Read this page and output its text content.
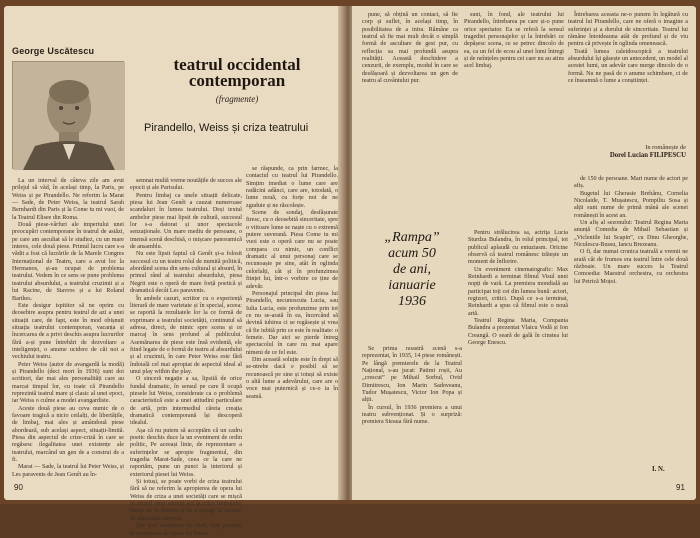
George Uscătescu
teatrul occidental
contemporan
(fragmente)
Pirandello, Weiss și criza teatrului

La un interval de câteva zile am avut prilejul să văd, în același timp, la Paris, pe Weiss și pe Pirandello. Ne referim la Marat — Sade, de Peter Weiss, la teatrul Sarah Bernhardt din Paris și la Come tu mi vuoi, de la Teatrul Elisee din Roma.

Două piese-vârfuri ale imperiului unei preocupări contemporane în teatrul de astăzi, pe care am ascultat să le studiez, cu un mare interes, cele două piese. Primul lucru care s-a vădit a fost că lucrările de la Marele Congres Internațional de Teatru, care a avut loc la Hermanos, și-au ocupat de problema teatrului. Vedem în ce sens se pune problema teatrului absurdului, a teatrului cruzimii și a lui Racine, de Stavros și a lui Roland Barthes.

Este desigur ispititor să ne oprim cu deosebire asupra pentru teatrul de azi a unei situații care, de fapt, este în mod obișnuit situația teatrului contemporan, vacanța și încercarea de a privi deschis asupra lucrurilor fără a-și pune întrebări de dezvoltare a inteligenței, o anume ucidere de căi noi a vechiului teatru.

Peter Weiss (autor de avangardă la modă) și Pirandello (deci mort în 1936) sunt doi scriitori, dar mai ales personalități care au marcat timpul lor, cu toate că Pirandello reprezintă teatrul mare și clasic al unei epoci, iar Weiss o culme a modei avangardiste.

Aceste două piese au ceva numic de o favoare tragică a nicio ceilalți, de libertățile, de limbaj, mai ales și amândouă piese abordează, sub același aspect, situații-limită. Piesa din aspectul de crize-criză în care se regăsesc ilegalitatea unei existențe ale teatrului, marcând un gen de a construi de a fi.

Marat — Sade, la teatrul lui Peter Weiss, și Les paravents de Jean Genêt au în-

semnat multă vreme noutățile de succes ale epocii și ale Parisului.

Pentru limbaj ca unele situații delicate, piesa lui Jean Genêt a cauzat numeroase scandaluri în lumea teatrului. Deși textul ambelor piese mai lipsit de cultură, succesul lor s-a datorat și unor spectacole senzaționale. Un mare mediu de persoane, o imensă scenă deschisă, o mișcare panoramică de ansamblu.

Nu este lipsit faptul că Genêt și-a folosit succesul cu un teatru rolul de numită politică, abordând scena din sens cultural și absurd, în primul rând al teatrului absurdului, piesa Negrii este o operă de mare forță poetică și dramatică decât Les paravents.

În ambele cazuri, scriitor cu o experiență literară de mare varietate și în special, aceea: se raportă la rezultatele lor la ce formă de exprimare a teatrului societății, continutul să adresa, direct, de nimic spre scena și ce marcaj în sens profund al publicului. Asemănarea de piese este însă evidentă, ele fiind legate de o formă de teatru al absurdului și al cruzimii, în care Peter Weiss este fără îndoială cel mai apropiat de aspectul ideal al unui play within the play.

O sinceră negație a sa, lipsită de orice fundal dramatic, în sensul pe care îl ocupă piesele lui Weiss, considerate ca o problemă caracteristică este a unei atitudini particulare de artă, prin intermediul căreia creația dramatică contemporană își descoperă idealul.

Așa că nu putem să acceptăm că un cadru poetic deschis duce la un eveniment de ordin politic, Pe aceeași linie, de reprezentare a suferințelor se apropie fragmentul, din tragedia Marat-Sade, ceea ce la care ne raportăm, pune un punct la interiorul și exteriorul piesei lui Weiss.

Și totuși, se poate vorbi de criza teatrului fără să ne referim la apropierea de opera lui Weiss de criza a unei societăți care se mișcă în sensul unui anumit act la criza limbajului însuși de la fluența și de a ajunge la moduri de adevărată meserie.

Dar acel sentiment de criză, care privește la apropierea de opera lui Weiss

se răspunde, ca prin farmec, la contactul cu teatrul lui Pirandello. Simțim imediat o lume care are radăcini adânci, care are, totodată, o lume nouă, cu forțe noi de ne zguduie și ne răscolește.

Scene de sondaj, desfășurate firesc, cu o deosebită sinceritate, spre o viitoare lume se naște cu o extremă putere suverană. Piesa Come tu mi vuoi este o operă care nu se poate compara cu nimic, un conflict dramatic al unui personaj care se recunoaște pe sine, atât în oglinda celorlalți, cât și în profunzimea ființei lui, într-o vorbire ce ține de adevăr.

Personajul principal din piesa lui Pirandello, necunoscuta Lucia, sau Iulia Lucia, este profunzime prin tot ce nu se-arată în ea, încercând să devină iubirea ci se regăsește și vrea că fie iubită prin ce este în realitate: o femeie. Dar aici se pierde întreg spectacolul în care nu mai apare nimeni de ce fel este.

Din această soluție este în drept să se-ntrebe dacă e posibil să se recunoască pe sine și totuși să existe o altă lume a adevărului, care are o voce mai puternică și ce-o ia în seamă.

90

pune, să obțină un contact, să fie corp și suflet, în același timp, în posibilitatea de a intra. Rămâne ca teatrul să fie mai mult decât o simplă formă de ascultare de gest pur, cu reflecția sa mai profundă asupra realității. Această deschidere a cenzurii, de exemplu, modul în care se desfășoară și dezvoltarea un gen de teatru al cuvântului pur.

sunt, în fond, ale teatrului lui Pirandello, întrebarea pe care și-o pune orice spectator. Ea se referă la sensul tragediei personajelor și la întrebări ce depășesc scena, ce se petrec dincolo de ea, ca un fel de ecou al unei lumi întregi și de neînțeles pentru cei care nu au atins acel limbaj.

Întrebarea aceasta ne-o punem în legătură cu teatrul lui Pirandello, care ne oferă o imagine a suferinței și a dorului de sinceritate. Teatrul lui rămâne întotdeauna atât de profund și de viu pentru că privește în oglinda omenească.

Toată lumea caleidoscopică a teatrului absurdului își găsește un antecedent, un model al acestei lumi, un adevăr care merge dincolo de o formă. Nu ne pasă de o anume schimbare, ci de ce înseamnă o lume a conștiinței.

In românește de
Dorel Lucian FILIPESCU
„Rampa”
acum 50
de ani,
ianuarie
1936

Se prima noastră scenă s-a reprezentat, în 1935, 14 piese românești. Pe lângă premierele de la Teatrul Național, s-au jucat: Patimi roșii, Au „crescut” pe Mihail Sorbul, Ovid Dimitrescu, Ion Marin Sadoveanu, Tudor Mușatescu, Victor Ion Popa și alții.

În cursul, în 1936 premiera a unui teatru subvenționat. Și o surpriză: premiera Steaua fără nume.

Pentru strălucirea sa, actrița Lucia Sturdza Bulandra, în rolul principal, tot publicul aplaudă cu entuziasm. Oricine observă că teatrul românesc trăiește un moment de înflorire.

Un eveniment cinematografic: Max Reinhardt a terminat filmul Visul unei nopți de vară. La premiera mondială au participat toți cei din lumea bună: actori, regizori, critici. După ce s-a terminat, Reinhardt a spus că filmul este o nouă artă.

Teatrul Regina Maria, Compania Bulandra a prezentat Vlaicu Vodă și Ion Creangă. O seară de gală în cinstea lui George Enescu.

de 150 de persoane. Mari nume de actori pe afiș.

Bugetul lui Gherasie Brebânu, Cornelia Nicolaide, T. Mușatescu, Pompiliu Sosa și alții sunt nume de primă mână ale scenei românești în acest an.

Un afiș al sezonului: Teatrul Regina Maria anunță Comedia de Mihail Sebastian și „Vicleniile lui Scapin”, cu Dinu Gheorghe, Niculescu-Bussu, Iancu Brezeanu.

O fi, dar numai cronica teatrală a vremii ne arată cât de frumos era teatrul între cele două războaie. Un mare succes la Teatrul Comoedia: Maestrul orchestra, cu orchestra lui Petrică Moțoi.

I. N.
91
